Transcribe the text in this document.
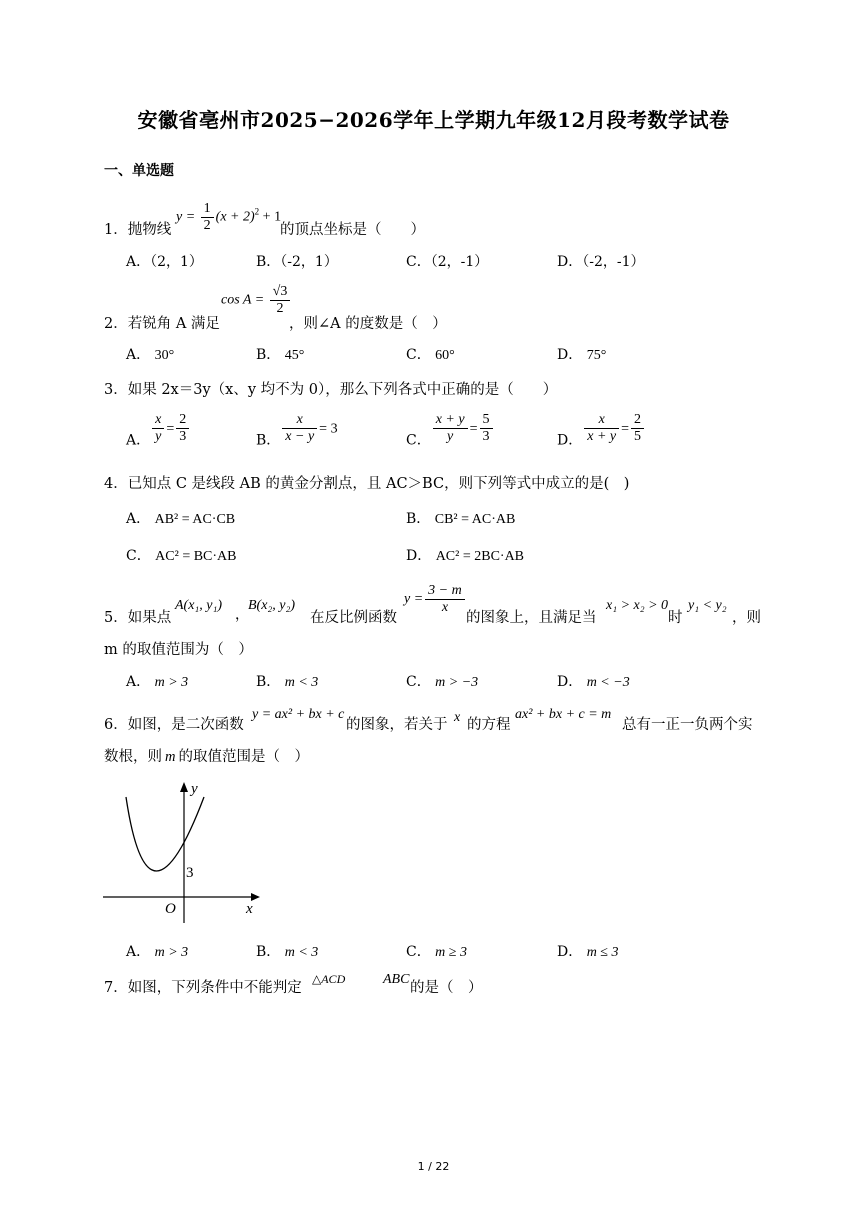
安徽省亳州市2025−2026学年上学期九年级12月段考数学试卷
一、单选题
1．抛物线
$y = \frac{1}{2} (x + 2)^2 + 1$
的顶点坐标是（　　）
A．（2，1）	B．（-2，1）	C．（2，-1）	D．（-2，-1）
2．若锐角 A 满足
$\cos A = \frac{√3}{2}$
，则∠A 的度数是（　）
A． 30°	B． 45°	C． 60°	D． 75°
3．如果 2x＝3y（x、y 均不为 0），那么下列各式中正确的是（　　）
A． $\frac{x}{y} = \frac{2}{3}$	B． $\frac{x}{x - y} = 3$
C． $\frac{x + y}{y} = \frac{5}{3}$	D． $\frac{x}{x + y} = \frac{2}{5}$
4．已知点 C 是线段 AB 的黄金分割点，且 AC＞BC，则下列等式中成立的是(　)
A． AB² = AC·CB	B． CB² = AC·AB
C． AC² = BC·AB	D． AC² = 2BC·AB
5．如果点
A(x₁, y₁)
，
B(x₂, y₂)
在反比例函数
$y = \frac{3 - m}{x}$
的图象上，且满足当
x₁ > x₂ > 0
时
y₁ < y₂
，则
m 的取值范围为（　）
A． m > 3	B． m < 3	C． m > −3	D． m < −3
6．如图，是二次函数
y = ax² + bx + c
的图象，若关于 x 的方程
ax² + bx + c = m
总有一正一负两个实
数根，则 m 的取值范围是（　）
y
x
O
3
A． m > 3	B． m < 3	C． m ≥ 3	D． m ≤ 3
7．如图，下列条件中不能判定
△ACD	ABC
的是（　）
1 / 22
